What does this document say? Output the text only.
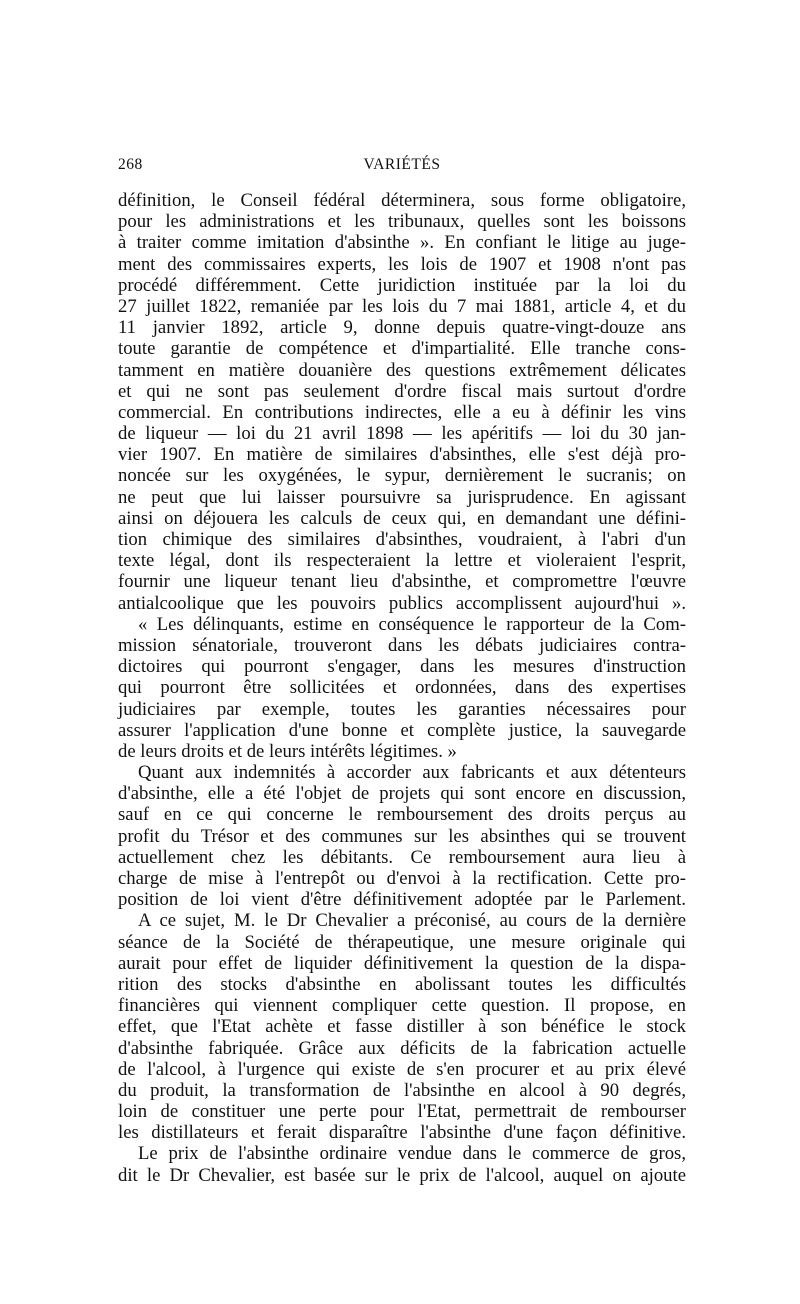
268	VARIÉTÉS
définition, le Conseil fédéral déterminera, sous forme obligatoire,
pour les administrations et les tribunaux, quelles sont les boissons
à traiter comme imitation d'absinthe ». En confiant le litige au juge-
ment des commissaires experts, les lois de 1907 et 1908 n'ont pas
procédé différemment. Cette juridiction instituée par la loi du
27 juillet 1822, remaniée par les lois du 7 mai 1881, article 4, et du
11 janvier 1892, article 9, donne depuis quatre-vingt-douze ans
toute garantie de compétence et d'impartialité. Elle tranche cons-
tamment en matière douanière des questions extrêmement délicates
et qui ne sont pas seulement d'ordre fiscal mais surtout d'ordre
commercial. En contributions indirectes, elle a eu à définir les vins
de liqueur — loi du 21 avril 1898 — les apéritifs — loi du 30 jan-
vier 1907. En matière de similaires d'absinthes, elle s'est déjà pro-
noncée sur les oxygénées, le sypur, dernièrement le sucranis; on
ne peut que lui laisser poursuivre sa jurisprudence. En agissant
ainsi on déjouera les calculs de ceux qui, en demandant une défini-
tion chimique des similaires d'absinthes, voudraient, à l'abri d'un
texte légal, dont ils respecteraient la lettre et violeraient l'esprit,
fournir une liqueur tenant lieu d'absinthe, et compromettre l'œuvre
antialcoolique que les pouvoirs publics accomplissent aujourd'hui ».
« Les délinquants, estime en conséquence le rapporteur de la Com-
mission sénatoriale, trouveront dans les débats judiciaires contra-
dictoires qui pourront s'engager, dans les mesures d'instruction
qui pourront être sollicitées et ordonnées, dans des expertises
judiciaires par exemple, toutes les garanties nécessaires pour
assurer l'application d'une bonne et complète justice, la sauvegarde
de leurs droits et de leurs intérêts légitimes. »
Quant aux indemnités à accorder aux fabricants et aux détenteurs
d'absinthe, elle a été l'objet de projets qui sont encore en discussion,
sauf en ce qui concerne le remboursement des droits perçus au
profit du Trésor et des communes sur les absinthes qui se trouvent
actuellement chez les débitants. Ce remboursement aura lieu à
charge de mise à l'entrepôt ou d'envoi à la rectification. Cette pro-
position de loi vient d'être définitivement adoptée par le Parlement.
A ce sujet, M. le Dr Chevalier a préconisé, au cours de la dernière
séance de la Société de thérapeutique, une mesure originale qui
aurait pour effet de liquider définitivement la question de la dispa-
rition des stocks d'absinthe en abolissant toutes les difficultés
financières qui viennent compliquer cette question. Il propose, en
effet, que l'Etat achète et fasse distiller à son bénéfice le stock
d'absinthe fabriquée. Grâce aux déficits de la fabrication actuelle
de l'alcool, à l'urgence qui existe de s'en procurer et au prix élevé
du produit, la transformation de l'absinthe en alcool à 90 degrés,
loin de constituer une perte pour l'Etat, permettrait de rembourser
les distillateurs et ferait disparaître l'absinthe d'une façon définitive.
Le prix de l'absinthe ordinaire vendue dans le commerce de gros,
dit le Dr Chevalier, est basée sur le prix de l'alcool, auquel on ajoute
